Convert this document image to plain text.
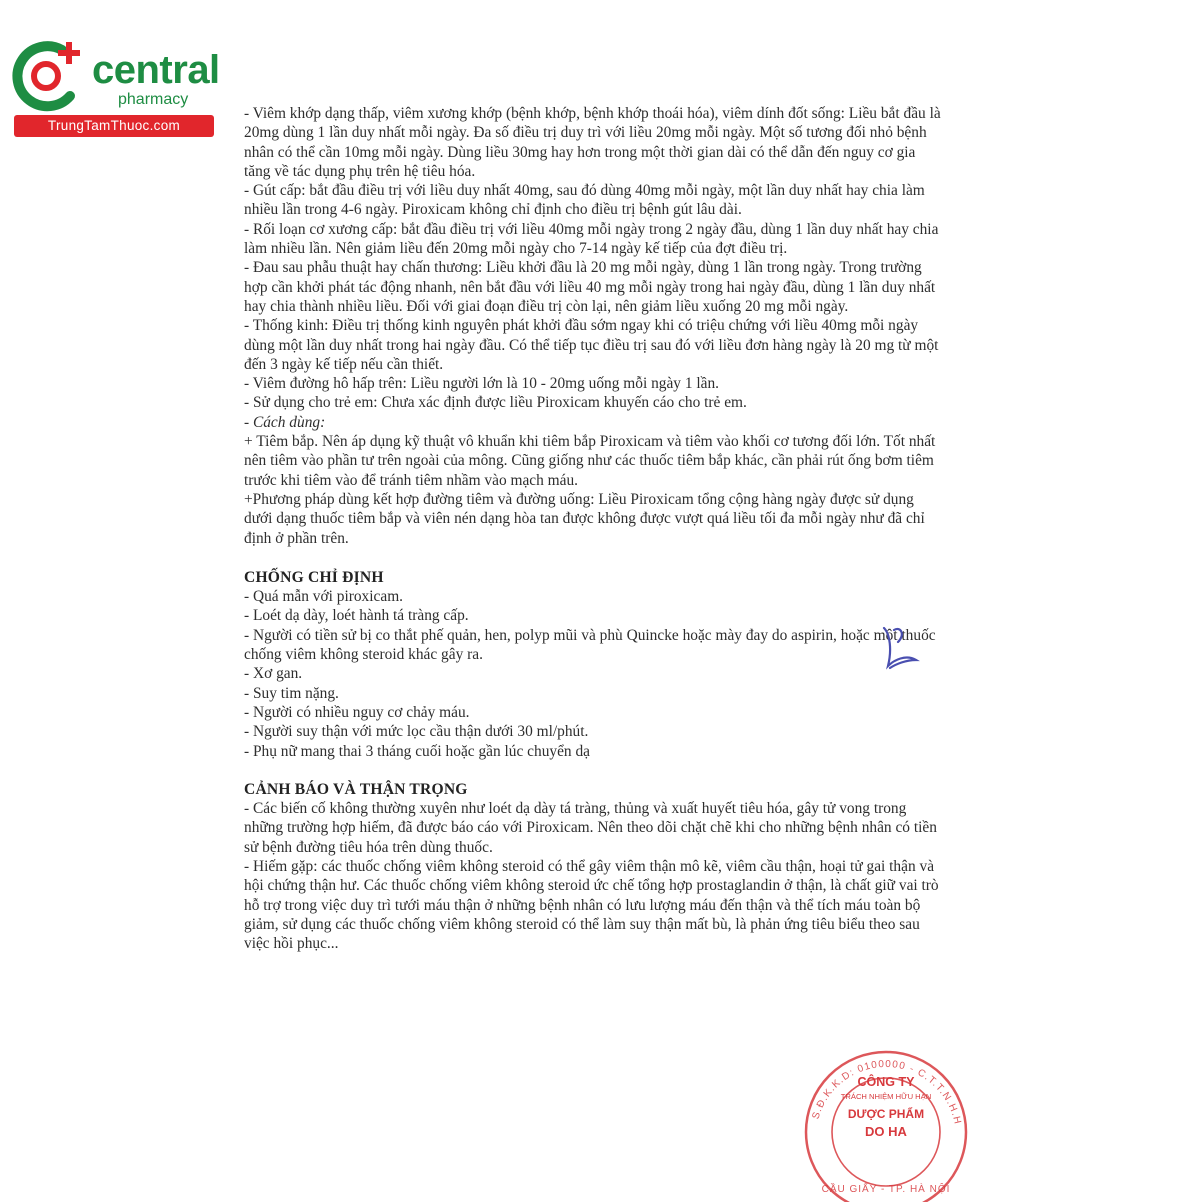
central
pharmacy
TrungTamThuoc.com

- Viêm khớp dạng thấp, viêm xương khớp (bệnh khớp, bệnh khớp thoái hóa), viêm dính đốt sống: Liều bắt đầu là 20mg dùng 1 lần duy nhất mỗi ngày. Đa số điều trị duy trì với liều 20mg mỗi ngày. Một số tương đối nhỏ bệnh nhân có thể cần 10mg mỗi ngày. Dùng liều 30mg hay hơn trong một thời gian dài có thể dẫn đến nguy cơ gia tăng về tác dụng phụ trên hệ tiêu hóa.

- Gút cấp: bắt đầu điều trị với liều duy nhất 40mg, sau đó dùng 40mg mỗi ngày, một lần duy nhất hay chia làm nhiều lần trong 4-6 ngày. Piroxicam không chỉ định cho điều trị bệnh gút lâu dài.

- Rối loạn cơ xương cấp: bắt đầu điều trị với liều 40mg mỗi ngày trong 2 ngày đầu, dùng 1 lần duy nhất hay chia làm nhiều lần. Nên giảm liều đến 20mg mỗi ngày cho 7-14 ngày kế tiếp của đợt điều trị.

- Đau sau phẫu thuật hay chấn thương: Liều khởi đầu là 20 mg mỗi ngày, dùng 1 lần trong ngày. Trong trường hợp cần khởi phát tác động nhanh, nên bắt đầu với liều 40 mg mỗi ngày trong hai ngày đầu, dùng 1 lần duy nhất hay chia thành nhiều liều. Đối với giai đoạn điều trị còn lại, nên giảm liều xuống 20 mg mỗi ngày.

- Thống kinh: Điều trị thống kinh nguyên phát khởi đầu sớm ngay khi có triệu chứng với liều 40mg mỗi ngày dùng một lần duy nhất trong hai ngày đầu. Có thể tiếp tục điều trị sau đó với liều đơn hàng ngày là 20 mg từ một đến 3 ngày kế tiếp nếu cần thiết.

- Viêm đường hô hấp trên: Liều người lớn là 10 - 20mg uống mỗi ngày 1 lần.

- Sử dụng cho trẻ em: Chưa xác định được liều Piroxicam khuyến cáo cho trẻ em.

- Cách dùng:

+ Tiêm bắp. Nên áp dụng kỹ thuật vô khuẩn khi tiêm bắp Piroxicam và tiêm vào khối cơ tương đối lớn. Tốt nhất nên tiêm vào phần tư trên ngoài của mông. Cũng giống như các thuốc tiêm bắp khác, cần phải rút ống bơm tiêm trước khi tiêm vào để tránh tiêm nhầm vào mạch máu.

+Phương pháp dùng kết hợp đường tiêm và đường uống: Liều Piroxicam tổng cộng hàng ngày được sử dụng dưới dạng thuốc tiêm bắp và viên nén dạng hòa tan được không được vượt quá liều tối đa mỗi ngày như đã chỉ định ở phần trên.

CHỐNG CHỈ ĐỊNH

- Quá mẫn với piroxicam.

- Loét dạ dày, loét hành tá tràng cấp.

- Người có tiền sử bị co thắt phế quản, hen, polyp mũi và phù Quincke hoặc mày đay do aspirin, hoặc một thuốc chống viêm không steroid khác gây ra.

- Xơ gan.

- Suy tim nặng.

- Người có nhiều nguy cơ chảy máu.

- Người suy thận với mức lọc cầu thận dưới 30 ml/phút.

- Phụ nữ mang thai 3 tháng cuối hoặc gần lúc chuyển dạ

CẢNH BÁO VÀ THẬN TRỌNG

- Các biến cố không thường xuyên như loét dạ dày tá tràng, thủng và xuất huyết tiêu hóa, gây tử vong trong những trường hợp hiếm, đã được báo cáo với Piroxicam. Nên theo dõi chặt chẽ khi cho những bệnh nhân có tiền sử bệnh đường tiêu hóa trên dùng thuốc.

- Hiếm gặp: các thuốc chống viêm không steroid có thể gây viêm thận mô kẽ, viêm cầu thận, hoại tử gai thận và hội chứng thận hư. Các thuốc chống viêm không steroid ức chế tổng hợp prostaglandin ở thận, là chất giữ vai trò hỗ trợ trong việc duy trì tưới máu thận ở những bệnh nhân có lưu lượng máu đến thận và thể tích máu toàn bộ giảm, sử dụng các thuốc chống viêm không steroid có thể làm suy thận mất bù, là phản ứng tiêu biểu theo sau việc hồi phục...

S.Đ.K.K.D: 0100000 - C.T.T.N.H.H
CẦU GIẤY - TP. HÀ NỘI
CÔNG TY
TRÁCH NHIỆM HỮU HẠN
DƯỢC PHẨM
DO HA
